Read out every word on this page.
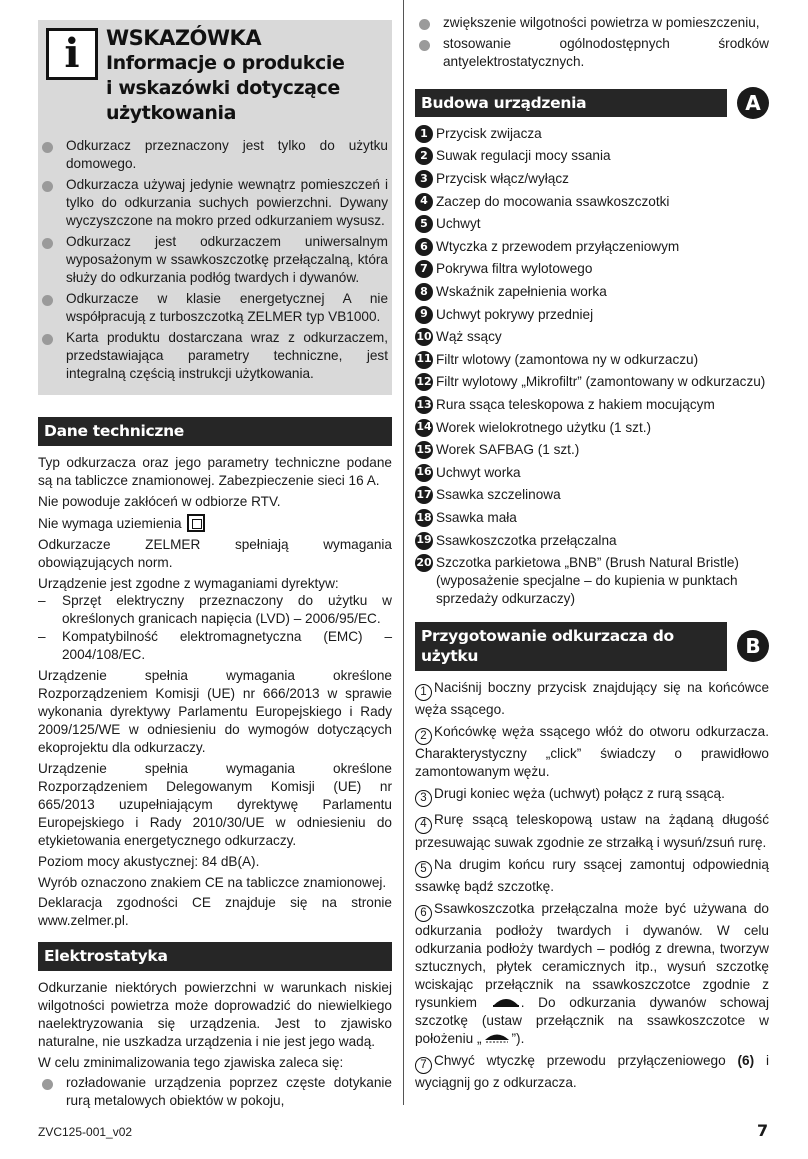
i	WSKAZÓWKA
Informacje o produkcie
i wskazówki dotyczące
użytkowania
Odkurzacz przeznaczony jest tylko do użytku domowego.
Odkurzacza używaj jedynie wewnątrz pomieszczeń i tylko do odkurzania suchych powierzchni. Dywany wyczyszczone na mokro przed odkurzaniem wysusz.
Odkurzacz jest odkurzaczem uniwersalnym wyposażonym w ssawkoszczotkę przełączalną, która służy do odkurzania podłóg twardych i dywanów.
Odkurzacze w klasie energetycznej A nie współpracują z turboszczotką ZELMER typ VB1000.
Karta produktu dostarczana wraz z odkurzaczem, przedstawiająca parametry techniczne, jest integralną częścią instrukcji użytkowania.
Dane techniczne

Typ odkurzacza oraz jego parametry techniczne podane są na tabliczce znamionowej. Zabezpieczenie sieci 16 A.

Nie powoduje zakłóceń w odbiorze RTV.

Nie wymaga uziemienia

Odkurzacze ZELMER spełniają wymagania obowiązujących norm.

Urządzenie jest zgodne z wymaganiami dyrektyw:

– Sprzęt elektryczny przeznaczony do użytku w określonych granicach napięcia (LVD) – 2006/95/EC.
– Kompatybilność elektromagnetyczna (EMC) – 2004/108/EC.

Urządzenie spełnia wymagania określone Rozporządzeniem Komisji (UE) nr 666/2013 w sprawie wykonania dyrektywy Parlamentu Europejskiego i Rady 2009/125/WE w odniesieniu do wymogów dotyczących ekoprojektu dla odkurzaczy.

Urządzenie spełnia wymagania określone Rozporządzeniem Delegowanym Komisji (UE) nr 665/2013 uzupełniającym dyrektywę Parlamentu Europejskiego i Rady 2010/30/UE w odniesieniu do etykietowania energetycznego odkurzaczy.

Poziom mocy akustycznej: 84 dB(A).

Wyrób oznaczono znakiem CE na tabliczce znamionowej.

Deklaracja zgodności CE znajduje się na stronie www.zelmer.pl.

Elektrostatyka

Odkurzanie niektórych powierzchni w warunkach niskiej wilgotności powietrza może doprowadzić do niewielkiego naelektryzowania się urządzenia. Jest to zjawisko naturalne, nie uszkadza urządzenia i nie jest jego wadą.

W celu zminimalizowania tego zjawiska zaleca się:

rozładowanie urządzenia poprzez częste dotykanie rurą metalowych obiektów w pokoju,
zwiększenie wilgotności powietrza w pomieszczeniu,
stosowanie ogólnodostępnych środków antyelektrostatycznych.
Budowa urządzenia	A
1 Przycisk zwijacza
2 Suwak regulacji mocy ssania
3 Przycisk włącz/wyłącz
4 Zaczep do mocowania ssawkoszczotki
5 Uchwyt
6 Wtyczka z przewodem przyłączeniowym
7 Pokrywa filtra wylotowego
8 Wskaźnik zapełnienia worka
9 Uchwyt pokrywy przedniej
10 Wąż ssący
11 Filtr wlotowy (zamontowa ny w odkurzaczu)
12 Filtr wylotowy „Mikrofiltr” (zamontowany w odkurzaczu)
13 Rura ssąca teleskopowa z hakiem mocującym
14 Worek wielokrotnego użytku (1 szt.)
15 Worek SAFBAG (1 szt.)
16 Uchwyt worka
17 Ssawka szczelinowa
18 Ssawka mała
19 Ssawkoszczotka przełączalna
20 Szczotka parkietowa „BNB” (Brush Natural Bristle) (wyposażenie specjalne – do kupienia w punktach sprzedaży odkurzaczy)
Przygotowanie odkurzacza do użytku	B

1 Naciśnij boczny przycisk znajdujący się na końcówce węża ssącego.

2 Końcówkę węża ssącego włóż do otworu odkurzacza. Charakterystyczny „click” świadczy o prawidłowo zamontowanym wężu.

3 Drugi koniec węża (uchwyt) połącz z rurą ssącą.

4 Rurę ssącą teleskopową ustaw na żądaną długość przesuwając suwak zgodnie ze strzałką i wysuń/zsuń rurę.

5 Na drugim końcu rury ssącej zamontuj odpowiednią ssawkę bądź szczotkę.

6 Ssawkoszczotka przełączalna może być używana do odkurzania podłoży twardych i dywanów. W celu odkurzania podłoży twardych – podłóg z drewna, tworzyw sztucznych, płytek ceramicznych itp., wysuń szczotkę wciskając przełącznik na ssawkoszczotce zgodnie z rysunkiem	. Do odkurzania dywanów schowaj szczotkę (ustaw przełącznik na ssawkoszczotce w położeniu „ ”).

7 Chwyć wtyczkę przewodu przyłączeniowego (6) i wyciągnij go z odkurzacza.

ZVC125-001_v02	7
